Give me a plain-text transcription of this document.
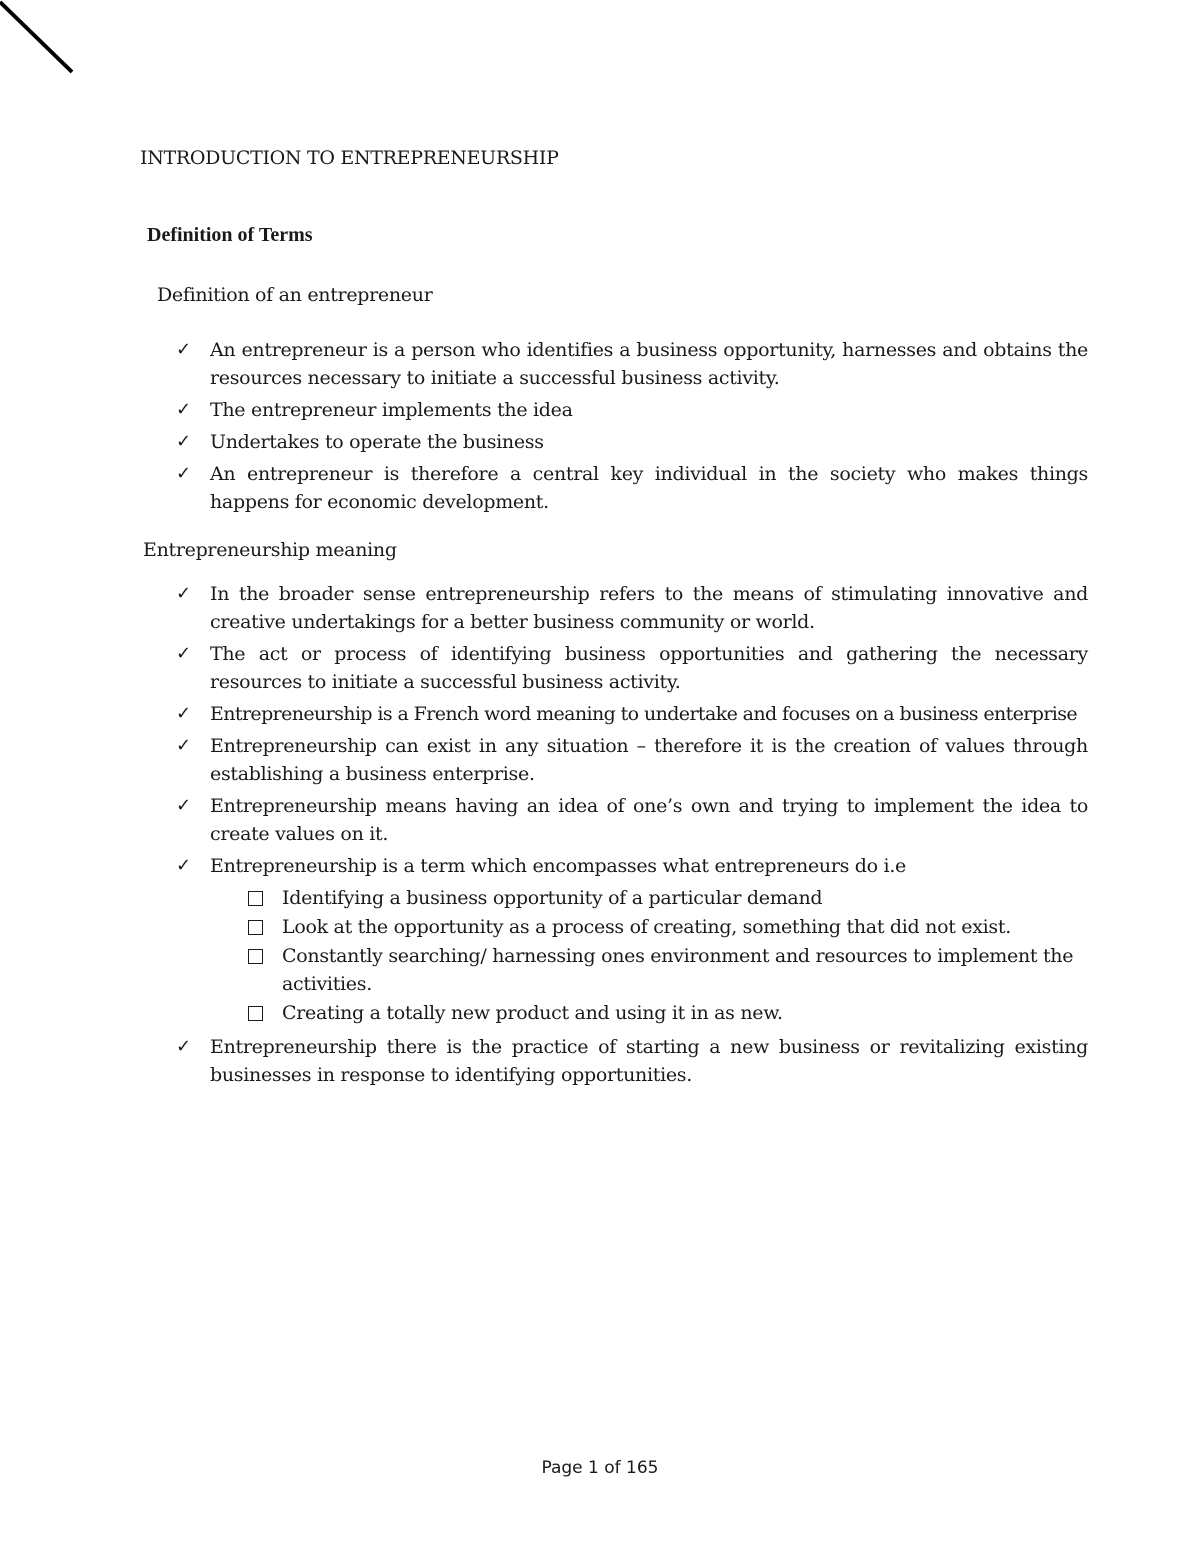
INTRODUCTION TO ENTREPRENEURSHIP
Definition of Terms

Definition of an entrepreneur

✓ An entrepreneur is a person who identifies a business opportunity, harnesses and obtains the resources necessary to initiate a successful business activity.
✓ The entrepreneur implements the idea
✓ Undertakes to operate the business
✓ An entrepreneur is therefore a central key individual in the society who makes things happens for economic development.

Entrepreneurship meaning

✓ In the broader sense entrepreneurship refers to the means of stimulating innovative and creative undertakings for a better business community or world.
✓ The act or process of identifying business opportunities and gathering the necessary resources to initiate a successful business activity.
✓ Entrepreneurship is a French word meaning to undertake and focuses on a business enterprise
✓ Entrepreneurship can exist in any situation – therefore it is the creation of values through establishing a business enterprise.
✓ Entrepreneurship means having an idea of one’s own and trying to implement the idea to create values on it.
✓ Entrepreneurship is a term which encompasses what entrepreneurs do i.e
Identifying a business opportunity of a particular demand
Look at the opportunity as a process of creating, something that did not exist.
Constantly searching/ harnessing ones environment and resources to implement the activities.
Creating a totally new product and using it in as new.
✓ Entrepreneurship there is the practice of starting a new business or revitalizing existing businesses in response to identifying opportunities.
Page 1 of 165
